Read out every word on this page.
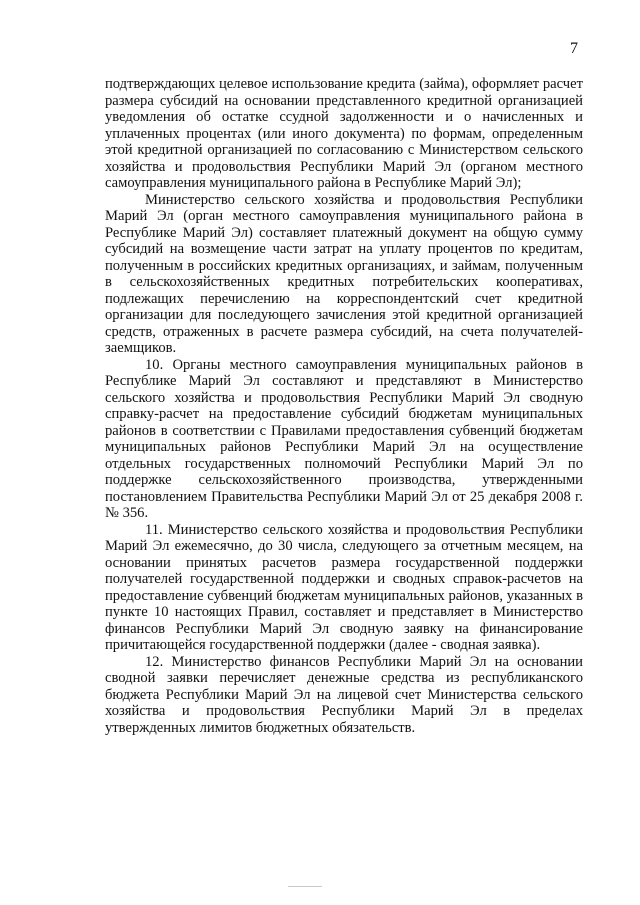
7

подтверждающих целевое использование кредита (займа), оформляет расчет размера субсидий на основании представленного кредитной организацией уведомления об остатке ссудной задолженности и о начисленных и уплаченных процентах (или иного документа) по формам, определенным этой кредитной организацией по согласованию с Министерством сельского хозяйства и продовольствия Республики Марий Эл (органом местного самоуправления муниципального района в Республике Марий Эл);

Министерство сельского хозяйства и продовольствия Республики Марий Эл (орган местного самоуправления муниципального района в Республике Марий Эл) составляет платежный документ на общую сумму субсидий на возмещение части затрат на уплату процентов по кредитам, полученным в российских кредитных организациях, и займам, полученным в сельскохозяйственных кредитных потребительских кооперативах, подлежащих перечислению на корреспондентский счет кредитной организации для последующего зачисления этой кредитной организацией средств, отраженных в расчете размера субсидий, на счета получателей-заемщиков.

10. Органы местного самоуправления муниципальных районов в Республике Марий Эл составляют и представляют в Министерство сельского хозяйства и продовольствия Республики Марий Эл сводную справку-расчет на предоставление субсидий бюджетам муниципальных районов в соответствии с Правилами предоставления субвенций бюджетам муниципальных районов Республики Марий Эл на осуществление отдельных государственных полномочий Республики Марий Эл по поддержке сельскохозяйственного производства, утвержденными постановлением Правительства Республики Марий Эл от 25 декабря 2008 г. № 356.

11. Министерство сельского хозяйства и продовольствия Республики Марий Эл ежемесячно, до 30 числа, следующего за отчетным месяцем, на основании принятых расчетов размера государственной поддержки получателей государственной поддержки и сводных справок-расчетов на предоставление субвенций бюджетам муниципальных районов, указанных в пункте 10 настоящих Правил, составляет и представляет в Министерство финансов Республики Марий Эл сводную заявку на финансирование причитающейся государственной поддержки (далее - сводная заявка).

12. Министерство финансов Республики Марий Эл на основании сводной заявки перечисляет денежные средства из республиканского бюджета Республики Марий Эл на лицевой счет Министерства сельского хозяйства и продовольствия Республики Марий Эл в пределах утвержденных лимитов бюджетных обязательств.
